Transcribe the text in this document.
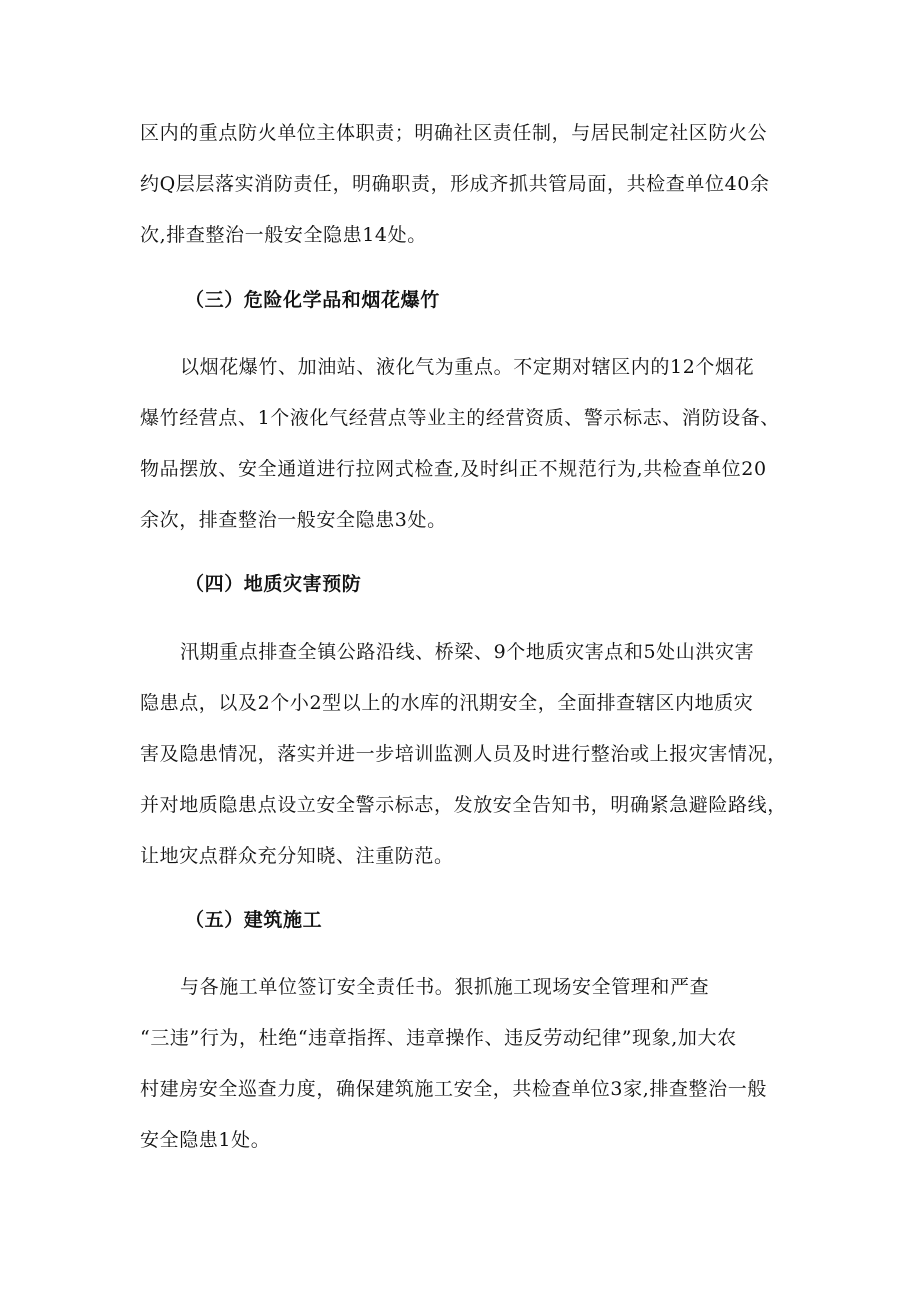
区内的重点防火单位主体职责；明确社区责任制，与居民制定社区防火公
约Q层层落实消防责任，明确职责，形成齐抓共管局面，共检查单位40余
次,排查整治一般安全隐患14处。
（三）危险化学品和烟花爆竹
以烟花爆竹、加油站、液化气为重点。不定期对辖区内的12个烟花
爆竹经营点、1个液化气经营点等业主的经营资质、警示标志、消防设备、
物品摆放、安全通道进行拉网式检查,及时纠正不规范行为,共检查单位20
余次，排查整治一般安全隐患3处。
（四）地质灾害预防
汛期重点排查全镇公路沿线、桥梁、9个地质灾害点和5处山洪灾害
隐患点，以及2个小2型以上的水库的汛期安全，全面排查辖区内地质灾
害及隐患情况，落实并进一步培训监测人员及时进行整治或上报灾害情况，
并对地质隐患点设立安全警示标志，发放安全告知书，明确紧急避险路线，
让地灾点群众充分知晓、注重防范。
（五）建筑施工
与各施工单位签订安全责任书。狠抓施工现场安全管理和严查
“三违”行为，杜绝“违章指挥、违章操作、违反劳动纪律”现象,加大农
村建房安全巡查力度，确保建筑施工安全，共检查单位3家,排查整治一般
安全隐患1处。
